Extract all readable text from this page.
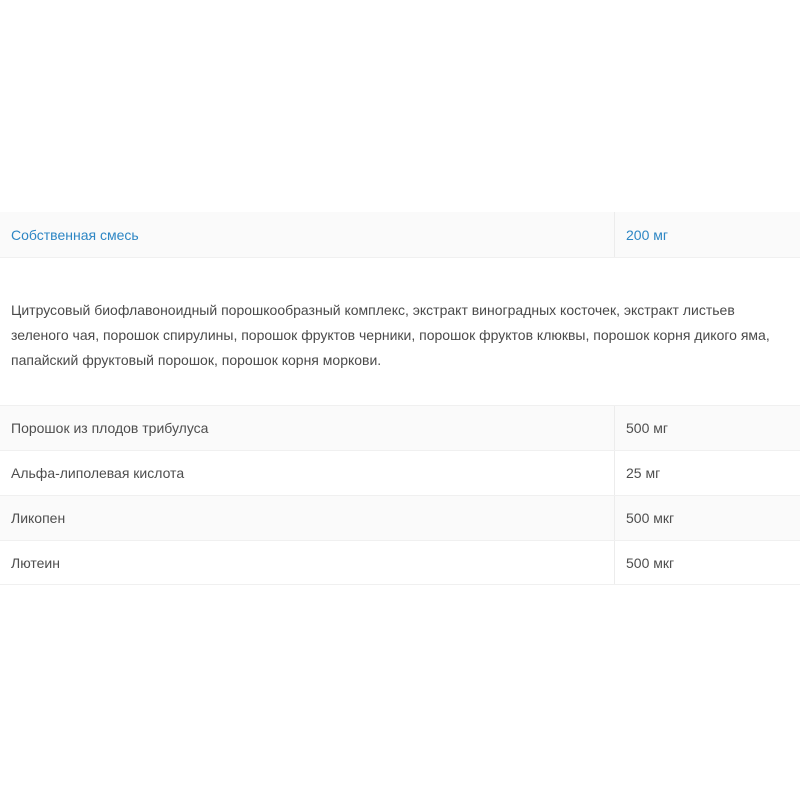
Собственная смесь	200 мг
Цитрусовый биофлавоноидный порошкообразный комплекс, экстракт виноградных косточек, экстракт листьев зеленого чая, порошок спирулины, порошок фруктов черники, порошок фруктов клюквы, порошок корня дикого яма, папайский фруктовый порошок, порошок корня моркови.
Порошок из плодов трибулуса	500 мг
Альфа-липолевая кислота	25 мг
Ликопен	500 мкг
Лютеин	500 мкг
